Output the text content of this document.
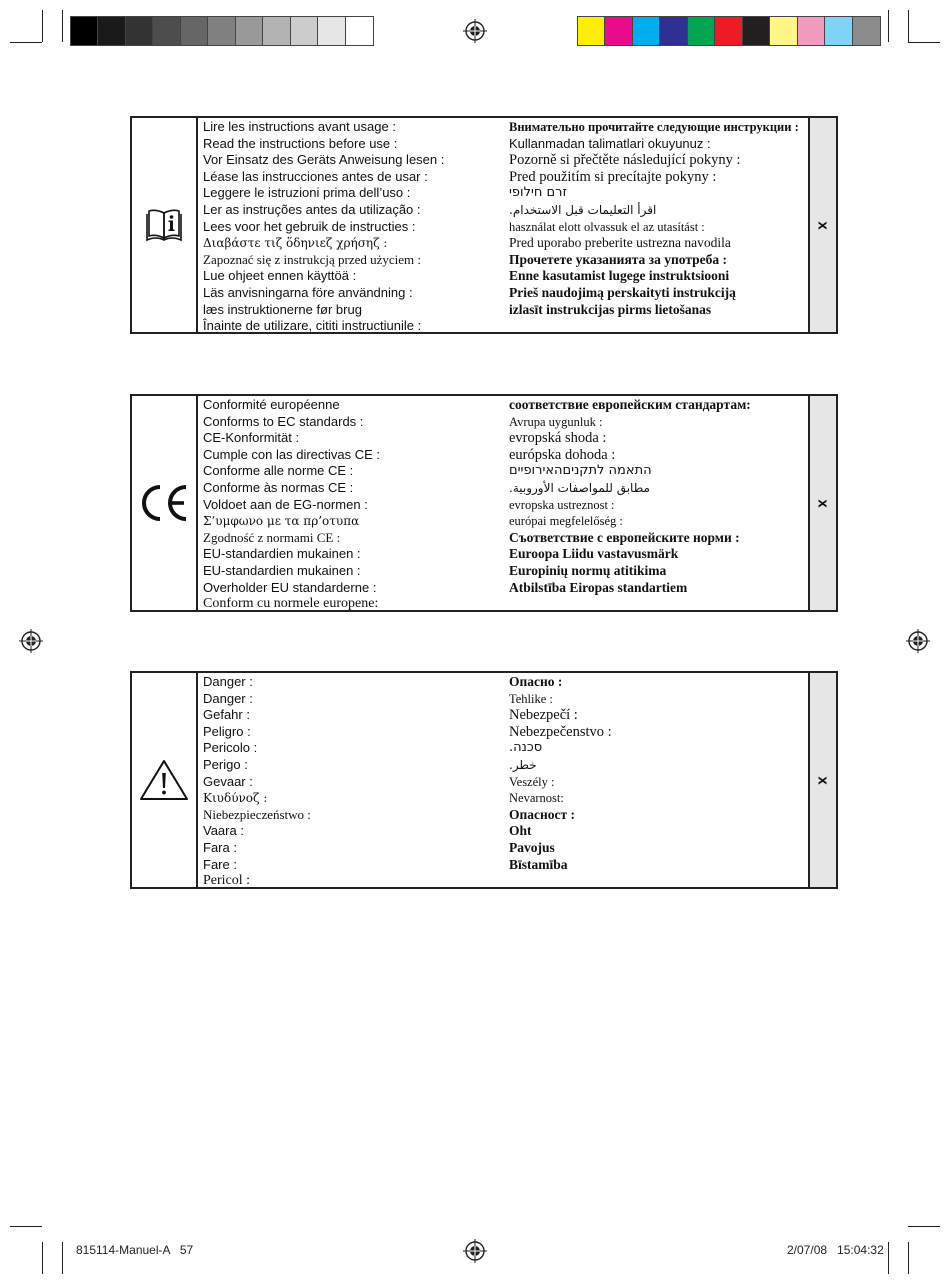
Lire les instructions avant usage :
Read the instructions before use :
Vor Einsatz des Geräts Anweisung lesen :
Léase las instrucciones antes de usar :
Leggere le istruzioni prima dell’uso :
Ler as instruções antes da utilização :
Lees voor het gebruik de instructies :
Διαβάστε τιζ ὅδηνιεζ χρήσηζ :
Zapoznać się z instrukcją przed użyciem :
Lue ohjeet ennen käyttöä :
Läs anvisningarna före användning :
læs instruktionerne før brug
Înainte de utilizare, cititi instructiunile :
Внимательно прочитайте следующие инструкции :
Kullanmadan talimatlari okuyunuz :
Pozorně si přečtěte následující pokyny :
Pred použitím si precítajte pokyny :
זרם חילופי
اقرأ التعليمات قبل الاستخدام.
használat elott olvassuk el az utasítást :
Pred uporabo preberite ustrezna navodila
Прочетете указанията за употреба :
Enne kasutamist lugege instruktsiooni
Prieš naudojimą perskaityti instrukciją
izlasīt instrukcijas pirms lietošanas
x
Conformité européenne
Conforms to EC standards :
CE-Konformität :
Cumple con las directivas CE :
Conforme alle norme CE :
Conforme às normas CE :
Voldoet aan de EG-normen :
Σ’υμφωνο με τα πρ’οτυπα
Zgodność z normami CE :
EU-standardien mukainen :
EU-standardien mukainen :
Overholder EU standarderne :
Conform cu normele europene:
соответствие европейским стандартам:
Avrupa uygunluk :
evropská shoda :
európska dohoda :
התאמה לתקניםהאירופיים
مطابق للمواصفات الأوروبية.
evropska ustreznost :
európai megfelelőség :
Съответствие с европейските норми :
Euroopa Liidu vastavusmärk
Europinių normų atitikima
Atbilstība Eiropas standartiem
x
Danger :
Danger :
Gefahr :
Peligro :
Pericolo :
Perigo :
Gevaar :
Κιυδύνοζ :
Niebezpieczeństwo :
Vaara :
Fara :
Fare :
Pericol :
Опасно :
Tehlike :
Nebezpečí :
Nebezpečenstvo :
סכנה.
خطر.
Veszély :
Nevarnost:
Опасност :
Oht
Pavojus
Bīstamība
x
815114-Manuel-A   57	2/07/08   15:04:32
